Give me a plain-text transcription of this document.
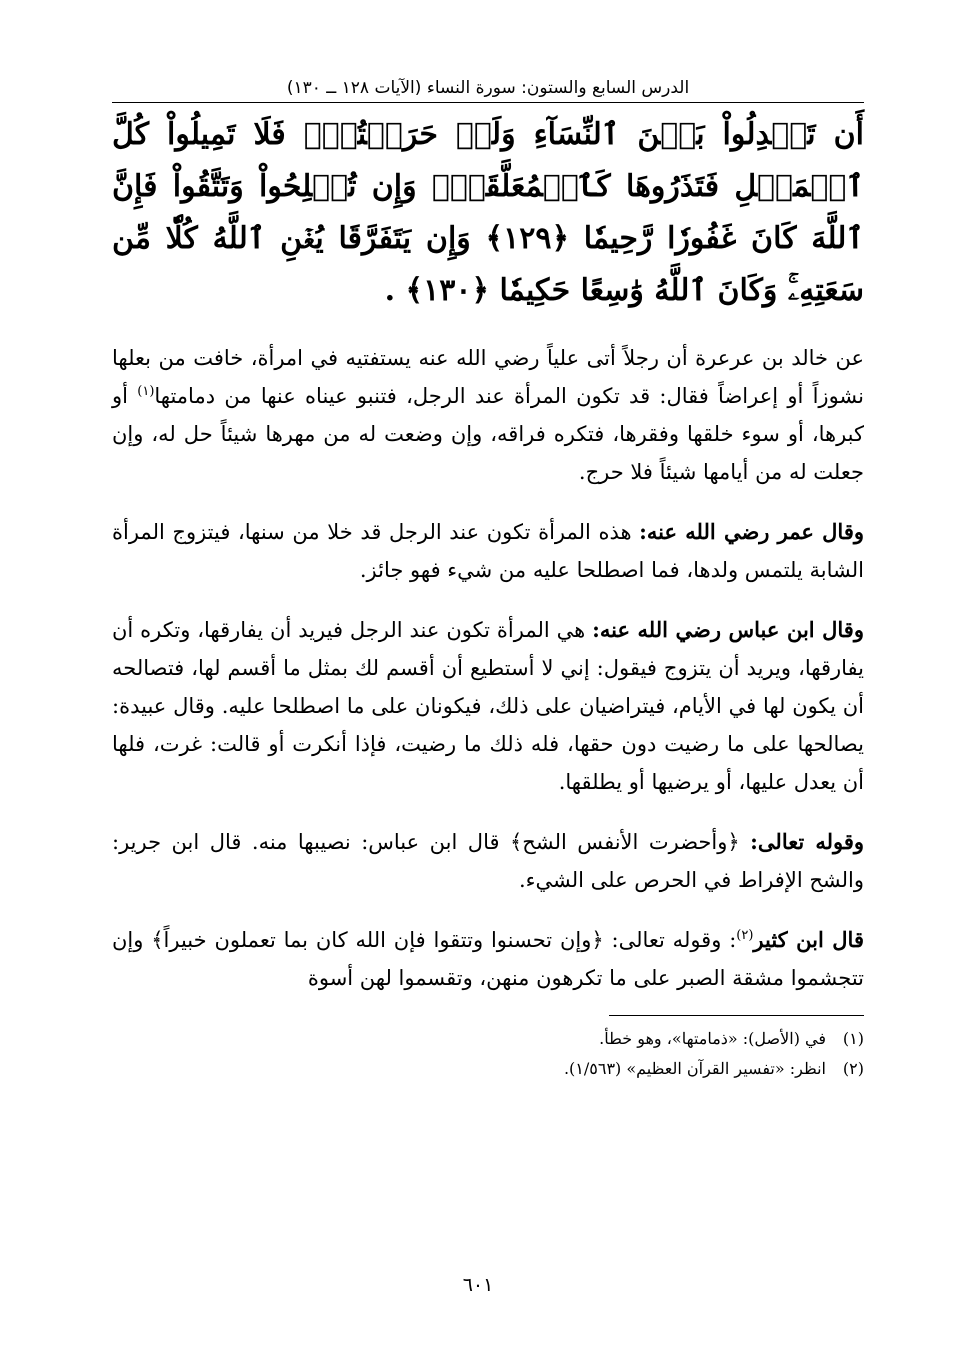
الدرس السابع والستون: سورة النساء (الآيات ١٢٨ ــ ١٣٠)
أَن تَعۡدِلُواْ بَيۡنَ ٱلنِّسَآءِ وَلَوۡ حَرَصۡتُمۡۖ فَلَا تَمِيلُواْ كُلَّ ٱلۡمَيۡلِ فَتَذَرُوهَا كَٱلۡمُعَلَّقَةِۚ وَإِن تُصۡلِحُواْ وَتَتَّقُواْ فَإِنَّ ٱللَّهَ كَانَ غَفُورٗا رَّحِيمٗا ﴿١٢٩﴾ وَإِن يَتَفَرَّقَا يُغۡنِ ٱللَّهُ كُلّٗا مِّن سَعَتِهِۦۚ وَكَانَ ٱللَّهُ وَٰسِعًا حَكِيمٗا ﴿١٣٠﴾ .
عن خالد بن عرعرة أن رجلاً أتى علياً رضي الله عنه يستفتيه في امرأة، خافت من بعلها نشوزاً أو إعراضاً فقال: قد تكون المرأة عند الرجل، فتنبو عيناه عنها من دمامتها$^{(١)}$ أو كبرها، أو سوء خلقها وفقرها، فتكره فراقه، وإن وضعت له من مهرها شيئاً حل له، وإن جعلت له من أيامها شيئاً فلا حرج.
وقال عمر رضي الله عنه: هذه المرأة تكون عند الرجل قد خلا من سنها، فيتزوج المرأة الشابة يلتمس ولدها، فما اصطلحا عليه من شيء فهو جائز.
وقال ابن عباس رضي الله عنه: هي المرأة تكون عند الرجل فيريد أن يفارقها، وتكره أن يفارقها، ويريد أن يتزوج فيقول: إني لا أستطيع أن أقسم لك بمثل ما أقسم لها، فتصالحه أن يكون لها في الأيام، فيتراضيان على ذلك، فيكونان على ما اصطلحا عليه. وقال عبيدة: يصالحها على ما رضيت دون حقها، فله ذلك ما رضيت، فإذا أنكرت أو قالت: غرت، فلها أن يعدل عليها، أو يرضيها أو يطلقها.
وقوله تعالى: ﴿وأحضرت الأنفس الشح﴾ قال ابن عباس: نصيبها منه. قال ابن جرير: والشح الإفراط في الحرص على الشيء.
قال ابن كثير$^{(٢)}$: وقوله تعالى: ﴿وإن تحسنوا وتتقوا فإن الله كان بما تعملون خبيراً﴾ وإن تتجشموا مشقة الصبر على ما تكرهون منهن، وتقسموا لهن أسوة
(١)في (الأصل): «ذمامتها»، وهو خطأ.
(٢)انظر: «تفسير القرآن العظيم» (١/٥٦٣).
٦٠١
